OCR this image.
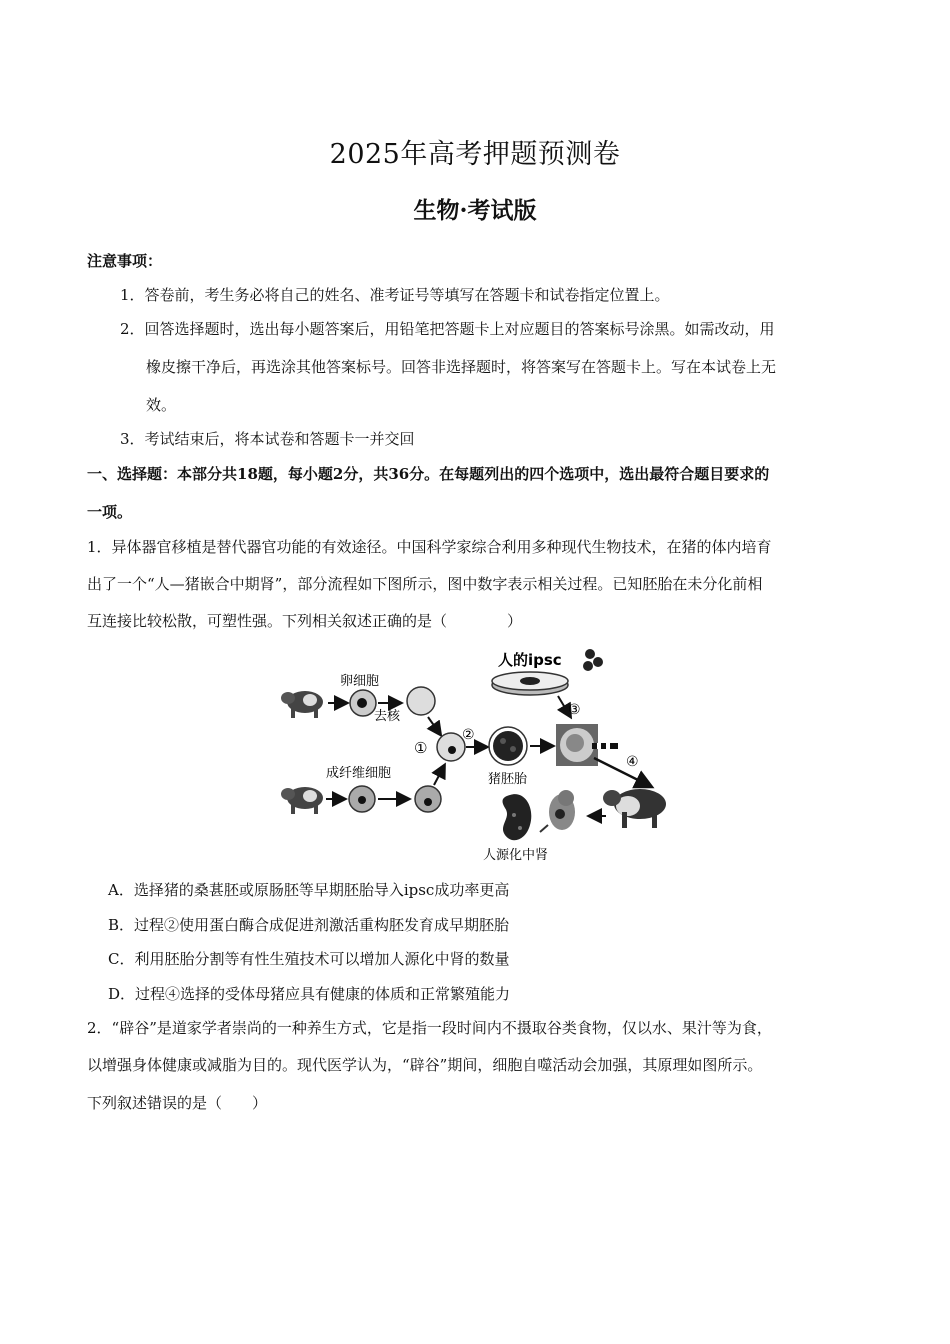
2025年高考押题预测卷
生物·考试版
注意事项：
1．答卷前，考生务必将自己的姓名、准考证号等填写在答题卡和试卷指定位置上。
2．回答选择题时，选出每小题答案后，用铅笔把答题卡上对应题目的答案标号涂黑。如需改动，用
橡皮擦干净后，再选涂其他答案标号。回答非选择题时，将答案写在答题卡上。写在本试卷上无
效。
3．考试结束后，将本试卷和答题卡一并交回
一、选择题：本部分共18题，每小题2分，共36分。在每题列出的四个选项中，选出最符合题目要求的
一项。
1．异体器官移植是替代器官功能的有效途径。中国科学家综合利用多种现代生物技术，在猪的体内培育
出了一个“人—猪嵌合中期肾”，部分流程如下图所示，图中数字表示相关过程。已知胚胎在未分化前相
互连接比较松散，可塑性强。下列相关叙述正确的是（　　　　）
卵细胞
去核
①
②
猪胚胎
人的ipsc
③
④
成纤维细胞
人源化中肾
A．选择猪的桑葚胚或原肠胚等早期胚胎导入ipsc成功率更高
B．过程②使用蛋白酶合成促进剂激活重构胚发育成早期胚胎
C．利用胚胎分割等有性生殖技术可以增加人源化中肾的数量
D．过程④选择的受体母猪应具有健康的体质和正常繁殖能力
2．“辟谷”是道家学者崇尚的一种养生方式，它是指一段时间内不摄取谷类食物，仅以水、果汁等为食，
以增强身体健康或减脂为目的。现代医学认为，“辟谷”期间，细胞自噬活动会加强，其原理如图所示。
下列叙述错误的是（　　）
